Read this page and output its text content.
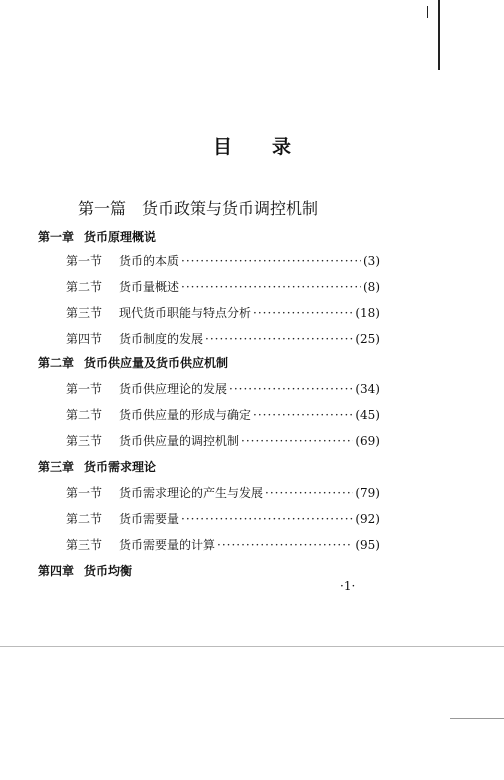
目 录
第一篇　货币政策与货币调控机制
第一章 货币原理概说
第一节	货币的本质 ·····	(3)
第二节	货币量概述 ·····	(8)
第三节	现代货币职能与特点分析 ·····	(18)
第四节	货币制度的发展 ·····	(25)
第二章 货币供应量及货币供应机制
第一节	货币供应理论的发展 ·····	(34)
第二节	货币供应量的形成与确定 ·····	(45)
第三节	货币供应量的调控机制 ·····	(69)
第三章 货币需求理论
第一节	货币需求理论的产生与发展 ·····	(79)
第二节	货币需要量 ·····	(92)
第三节	货币需要量的计算 ·····	(95)
第四章 货币均衡
·1·
